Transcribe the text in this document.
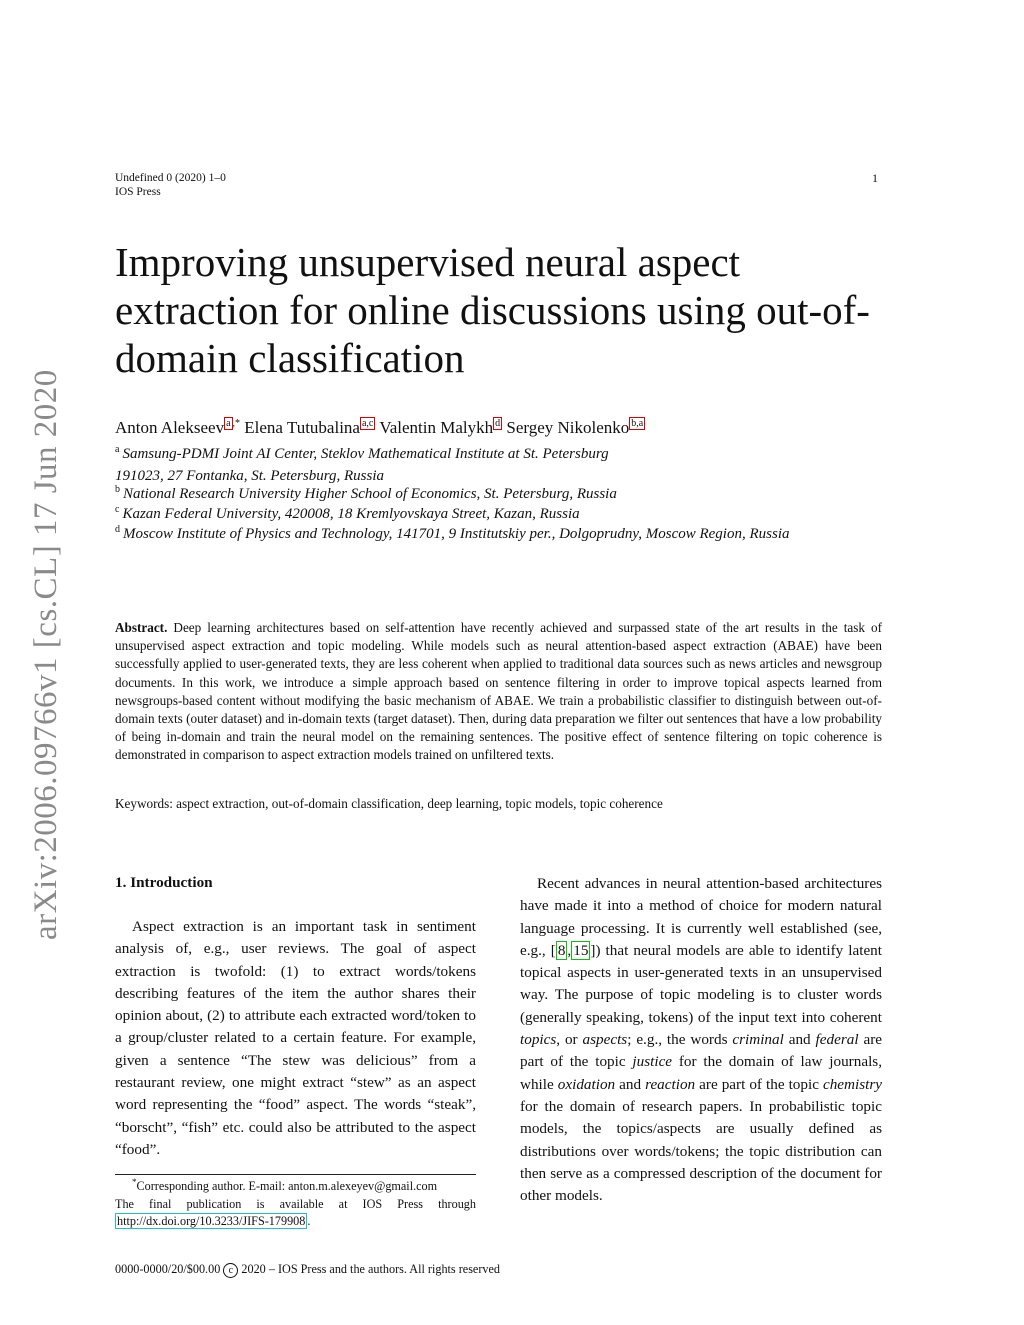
Undefined 0 (2020) 1–0
IOS Press
1
arXiv:2006.09766v1 [cs.CL] 17 Jun 2020
Improving unsupervised neural aspect extraction for online discussions using out-of-domain classification
Anton Alekseev $^a$ ,* Elena Tutubalina $^{a,c}$ Valentin Malykh $^d$ Sergey Nikolenko $^{b,a}$
$^a$ Samsung-PDMI Joint AI Center, Steklov Mathematical Institute at St. Petersburg
191023, 27 Fontanka, St. Petersburg, Russia
$^b$ National Research University Higher School of Economics, St. Petersburg, Russia
$^c$ Kazan Federal University, 420008, 18 Kremlyovskaya Street, Kazan, Russia
$^d$ Moscow Institute of Physics and Technology, 141701, 9 Institutskiy per., Dolgoprudny, Moscow Region, Russia
Abstract. Deep learning architectures based on self-attention have recently achieved and surpassed state of the art results in the task of unsupervised aspect extraction and topic modeling. While models such as neural attention-based aspect extraction (ABAE) have been successfully applied to user-generated texts, they are less coherent when applied to traditional data sources such as news articles and newsgroup documents. In this work, we introduce a simple approach based on sentence filtering in order to improve topical aspects learned from newsgroups-based content without modifying the basic mechanism of ABAE. We train a probabilistic classifier to distinguish between out-of-domain texts (outer dataset) and in-domain texts (target dataset). Then, during data preparation we filter out sentences that have a low probability of being in-domain and train the neural model on the remaining sentences. The positive effect of sentence filtering on topic coherence is demonstrated in comparison to aspect extraction models trained on unfiltered texts.
Keywords: aspect extraction, out-of-domain classification, deep learning, topic models, topic coherence
1. Introduction
Aspect extraction is an important task in sentiment analysis of, e.g., user reviews. The goal of aspect extraction is twofold: (1) to extract words/tokens describing features of the item the author shares their opinion about, (2) to attribute each extracted word/token to a group/cluster related to a certain feature. For example, given a sentence “The stew was delicious” from a restaurant review, one might extract “stew” as an aspect word representing the “food” aspect. The words “steak”, “borscht”, “fish” etc. could also be attributed to the aspect “food”.
Recent advances in neural attention-based architectures have made it into a method of choice for modern natural language processing. It is currently well established (see, e.g., [ 8 , 15 ]) that neural models are able to identify latent topical aspects in user-generated texts in an unsupervised way. The purpose of topic modeling is to cluster words (generally speaking, tokens) of the input text into coherent topics, or aspects; e.g., the words criminal and federal are part of the topic justice for the domain of law journals, while oxidation and reaction are part of the topic chemistry for the domain of research papers. In probabilistic topic models, the topics/aspects are usually defined as distributions over words/tokens; the topic distribution can then serve as a compressed description of the document for other models.
*Corresponding author. E-mail: anton.m.alexeyev@gmail.com
The final publication is available at IOS Press through
http://dx.doi.org/10.3233/JIFS-179908 .
0000-0000/20/$00.00 c 2020 – IOS Press and the authors. All rights reserved
